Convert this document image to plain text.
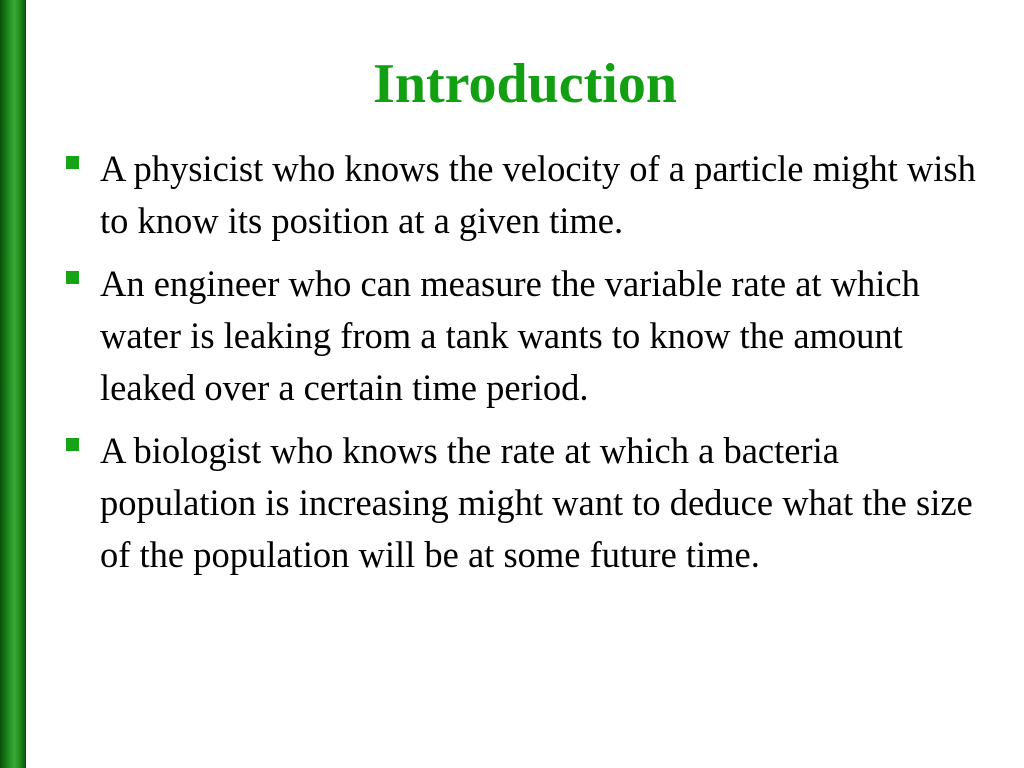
Introduction
A physicist who knows the velocity of a particle might wish to know its position at a given time.
An engineer who can measure the variable rate at which water is leaking from a tank wants to know the amount leaked over a certain time period.
A biologist who knows the rate at which a bacteria population is increasing might want to deduce what the size of the population will be at some future time.
